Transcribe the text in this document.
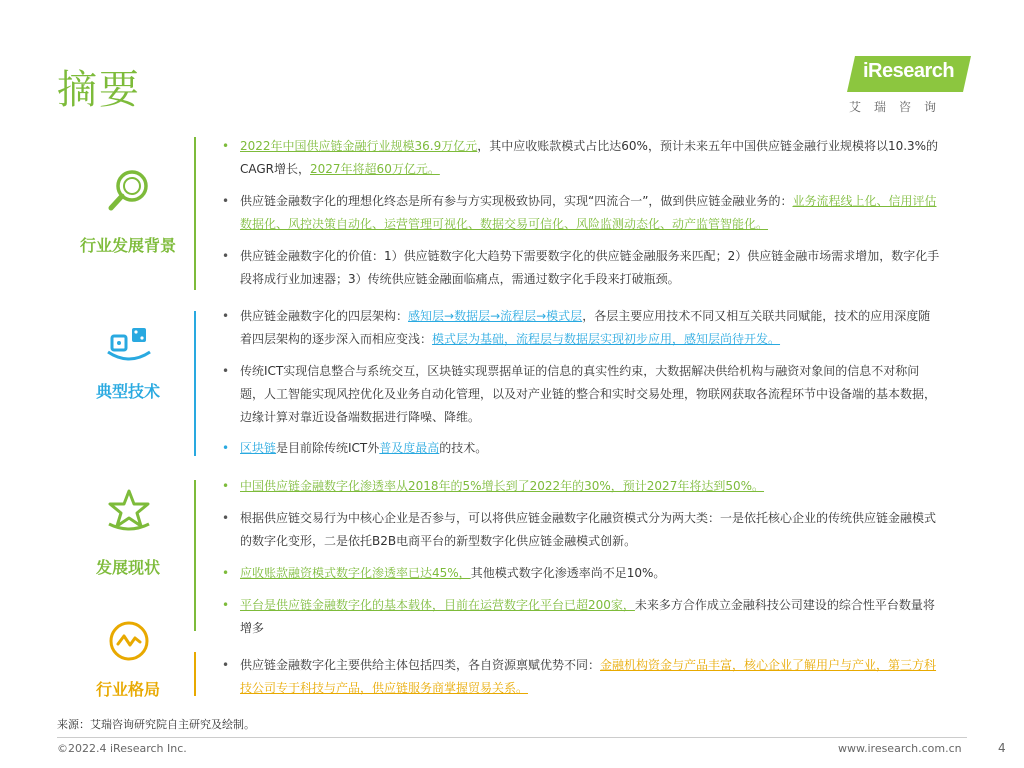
摘要	iResearch
艾瑞咨询
行业发展背景
典型技术
发展现状
行业格局
• 2022年中国供应链金融行业规模36.9万亿元，其中应收账款模式占比达60%，预计未来五年中国供应链金融行业规模将以10.3%的CAGR增长，2027年将超60万亿元。
• 供应链金融数字化的理想化终态是所有参与方实现极致协同，实现“四流合一”，做到供应链金融业务的：业务流程线上化、信用评估数据化、风控决策自动化、运营管理可视化、数据交易可信化、风险监测动态化、动产监管智能化。
• 供应链金融数字化的价值：1）供应链数字化大趋势下需要数字化的供应链金融服务来匹配；2）供应链金融市场需求增加，数字化手段将成行业加速器；3）传统供应链金融面临痛点，需通过数字化手段来打破瓶颈。
• 供应链金融数字化的四层架构：感知层→数据层→流程层→模式层，各层主要应用技术不同又相互关联共同赋能，技术的应用深度随着四层架构的逐步深入而相应变浅：模式层为基础，流程层与数据层实现初步应用，感知层尚待开发。
• 传统ICT实现信息整合与系统交互，区块链实现票据单证的信息的真实性约束，大数据解决供给机构与融资对象间的信息不对称问题，人工智能实现风控优化及业务自动化管理，以及对产业链的整合和实时交易处理，物联网获取各流程环节中设备端的基本数据，边缘计算对靠近设备端数据进行降噪、降维。
• 区块链是目前除传统ICT外普及度最高的技术。
• 中国供应链金融数字化渗透率从2018年的5%增长到了2022年的30%，预计2027年将达到50%。
• 根据供应链交易行为中核心企业是否参与，可以将供应链金融数字化融资模式分为两大类：一是依托核心企业的传统供应链金融模式的数字化变形，二是依托B2B电商平台的新型数字化供应链金融模式创新。
• 应收账款融资模式数字化渗透率已达45%，其他模式数字化渗透率尚不足10%。
• 平台是供应链金融数字化的基本载体，目前在运营数字化平台已超200家，未来多方合作成立金融科技公司建设的综合性平台数量将增多
• 供应链金融数字化主要供给主体包括四类，各自资源禀赋优势不同：金融机构资金与产品丰富，核心企业了解用户与产业，第三方科技公司专于科技与产品，供应链服务商掌握贸易关系。
来源：艾瑞咨询研究院自主研究及绘制。
©2022.4 iResearch Inc.	www.iresearch.com.cn	4
